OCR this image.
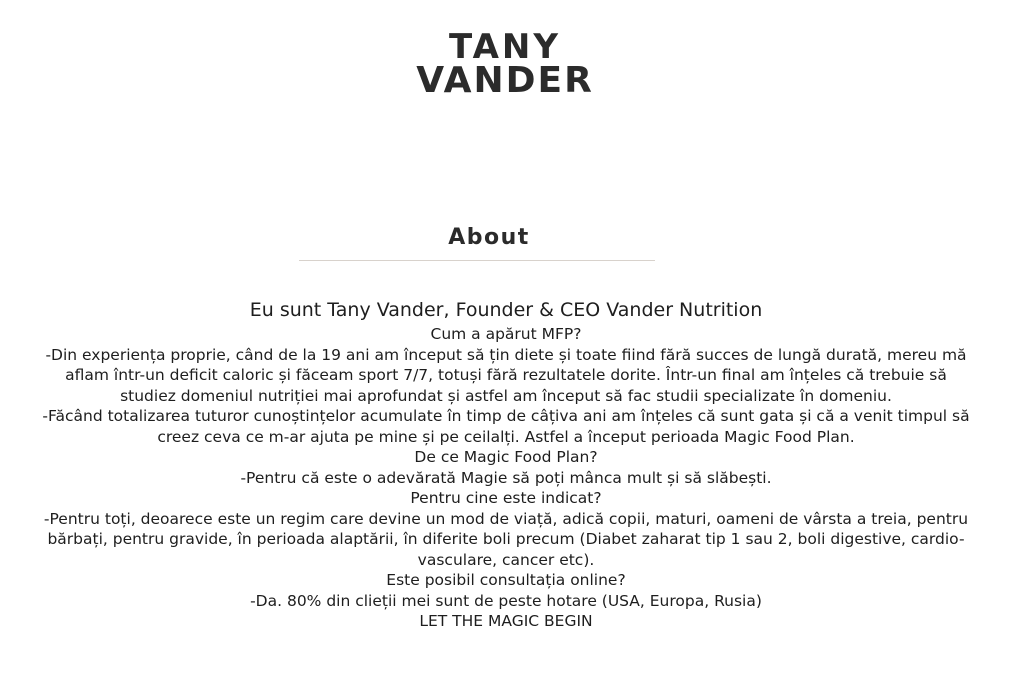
TANY
VANDER
About

Eu sunt Tany Vander, Founder & CEO Vander Nutrition

Cum a apărut MFP?

-Din experiența proprie, când de la 19 ani am început să țin diete și toate fiind fără succes de lungă durată, mereu mă aflam într-un deficit caloric și făceam sport 7/7, totuși fără rezultatele dorite. Într-un final am înțeles că trebuie să studiez domeniul nutriției mai aprofundat și astfel am început să fac studii specializate în domeniu.

-Făcând totalizarea tuturor cunoștințelor acumulate în timp de câțiva ani am înțeles că sunt gata și că a venit timpul să creez ceva ce m-ar ajuta pe mine și pe ceilalți. Astfel a început perioada Magic Food Plan.

De ce Magic Food Plan?

-Pentru că este o adevărată Magie să poți mânca mult și să slăbești.

Pentru cine este indicat?

-Pentru toți, deoarece este un regim care devine un mod de viață, adică copii, maturi, oameni de vârsta a treia, pentru bărbați, pentru gravide, în perioada alaptării, în diferite boli precum (Diabet zaharat tip 1 sau 2, boli digestive, cardio-vasculare, cancer etc).

Este posibil consultația online?

-Da. 80% din clieții mei sunt de peste hotare (USA, Europa, Rusia)

LET THE MAGIC BEGIN
